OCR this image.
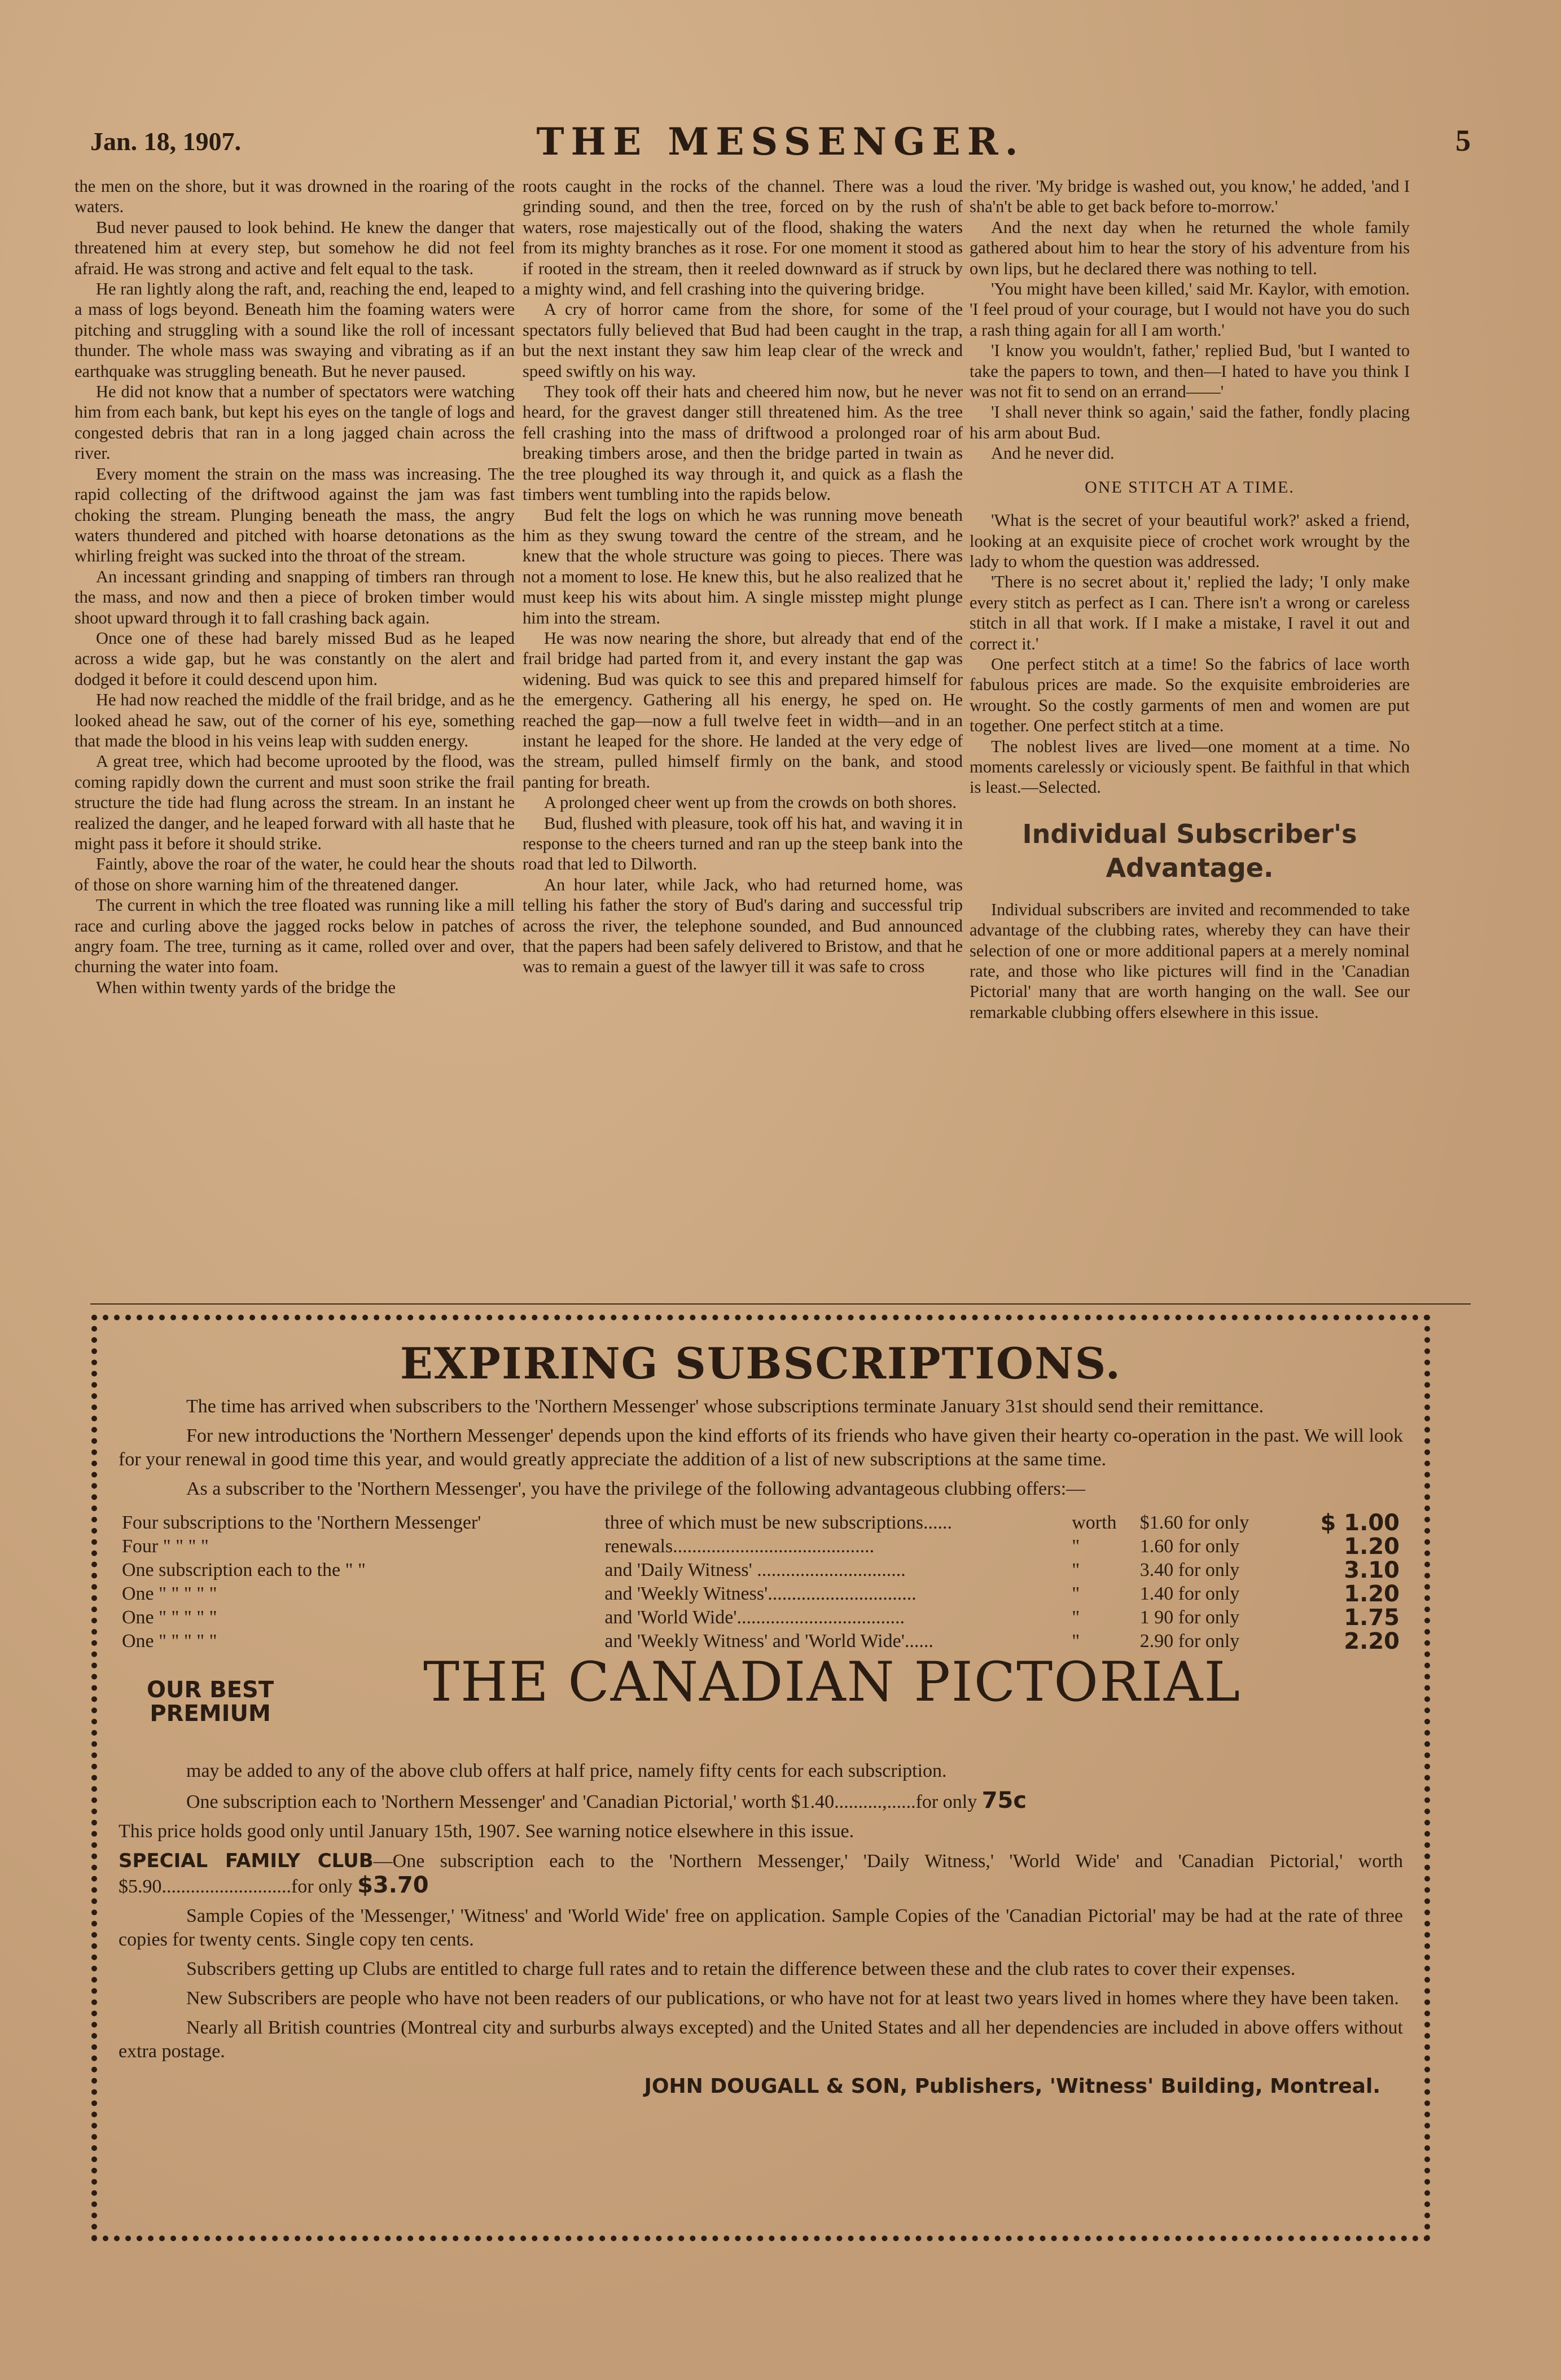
Jan. 18, 1907.	THE MESSENGER.	5

the men on the shore, but it was drowned in the roaring of the waters.

Bud never paused to look behind. He knew the danger that threatened him at every step, but somehow he did not feel afraid. He was strong and active and felt equal to the task.

He ran lightly along the raft, and, reaching the end, leaped to a mass of logs beyond. Beneath him the foaming waters were pitching and struggling with a sound like the roll of incessant thunder. The whole mass was swaying and vibrating as if an earthquake was struggling beneath. But he never paused.

He did not know that a number of spectators were watching him from each bank, but kept his eyes on the tangle of logs and congested debris that ran in a long jagged chain across the river.

Every moment the strain on the mass was increasing. The rapid collecting of the driftwood against the jam was fast choking the stream. Plunging beneath the mass, the angry waters thundered and pitched with hoarse detonations as the whirling freight was sucked into the throat of the stream.

An incessant grinding and snapping of timbers ran through the mass, and now and then a piece of broken timber would shoot upward through it to fall crashing back again.

Once one of these had barely missed Bud as he leaped across a wide gap, but he was constantly on the alert and dodged it before it could descend upon him.

He had now reached the middle of the frail bridge, and as he looked ahead he saw, out of the corner of his eye, something that made the blood in his veins leap with sudden energy.

A great tree, which had become uprooted by the flood, was coming rapidly down the current and must soon strike the frail structure the tide had flung across the stream. In an instant he realized the danger, and he leaped forward with all haste that he might pass it before it should strike.

Faintly, above the roar of the water, he could hear the shouts of those on shore warning him of the threatened danger.

The current in which the tree floated was running like a mill race and curling above the jagged rocks below in patches of angry foam. The tree, turning as it came, rolled over and over, churning the water into foam.

When within twenty yards of the bridge the

roots caught in the rocks of the channel. There was a loud grinding sound, and then the tree, forced on by the rush of waters, rose majestically out of the flood, shaking the waters from its mighty branches as it rose. For one moment it stood as if rooted in the stream, then it reeled downward as if struck by a mighty wind, and fell crashing into the quivering bridge.

A cry of horror came from the shore, for some of the spectators fully believed that Bud had been caught in the trap, but the next instant they saw him leap clear of the wreck and speed swiftly on his way.

They took off their hats and cheered him now, but he never heard, for the gravest danger still threatened him. As the tree fell crashing into the mass of driftwood a prolonged roar of breaking timbers arose, and then the bridge parted in twain as the tree ploughed its way through it, and quick as a flash the timbers went tumbling into the rapids below.

Bud felt the logs on which he was running move beneath him as they swung toward the centre of the stream, and he knew that the whole structure was going to pieces. There was not a moment to lose. He knew this, but he also realized that he must keep his wits about him. A single misstep might plunge him into the stream.

He was now nearing the shore, but already that end of the frail bridge had parted from it, and every instant the gap was widening. Bud was quick to see this and prepared himself for the emergency. Gathering all his energy, he sped on. He reached the gap—now a full twelve feet in width—and in an instant he leaped for the shore. He landed at the very edge of the stream, pulled himself firmly on the bank, and stood panting for breath.

A prolonged cheer went up from the crowds on both shores.

Bud, flushed with pleasure, took off his hat, and waving it in response to the cheers turned and ran up the steep bank into the road that led to Dilworth.

An hour later, while Jack, who had returned home, was telling his father the story of Bud's daring and successful trip across the river, the telephone sounded, and Bud announced that the papers had been safely delivered to Bristow, and that he was to remain a guest of the lawyer till it was safe to cross

the river. 'My bridge is washed out, you know,' he added, 'and I sha'n't be able to get back before to-morrow.'

And the next day when he returned the whole family gathered about him to hear the story of his adventure from his own lips, but he declared there was nothing to tell.

'You might have been killed,' said Mr. Kaylor, with emotion. 'I feel proud of your courage, but I would not have you do such a rash thing again for all I am worth.'

'I know you wouldn't, father,' replied Bud, 'but I wanted to take the papers to town, and then—I hated to have you think I was not fit to send on an errand——'

'I shall never think so again,' said the father, fondly placing his arm about Bud.

And he never did.

ONE STITCH AT A TIME.

'What is the secret of your beautiful work?' asked a friend, looking at an exquisite piece of crochet work wrought by the lady to whom the question was addressed.

'There is no secret about it,' replied the lady; 'I only make every stitch as perfect as I can. There isn't a wrong or careless stitch in all that work. If I make a mistake, I ravel it out and correct it.'

One perfect stitch at a time! So the fabrics of lace worth fabulous prices are made. So the exquisite embroideries are wrought. So the costly garments of men and women are put together. One perfect stitch at a time.

The noblest lives are lived—one moment at a time. No moments carelessly or viciously spent. Be faithful in that which is least.—Selected.

Individual Subscriber's Advantage.

Individual subscribers are invited and recommended to take advantage of the clubbing rates, whereby they can have their selection of one or more additional papers at a merely nominal rate, and those who like pictures will find in the 'Canadian Pictorial' many that are worth hanging on the wall. See our remarkable clubbing offers elsewhere in this issue.

EXPIRING SUBSCRIPTIONS.

The time has arrived when subscribers to the 'Northern Messenger' whose subscriptions terminate January 31st should send their remittance.

For new introductions the 'Northern Messenger' depends upon the kind efforts of its friends who have given their hearty co-operation in the past. We will look for your renewal in good time this year, and would greatly appreciate the addition of a list of new subscriptions at the same time.

As a subscriber to the 'Northern Messenger', you have the privilege of the following advantageous clubbing offers:—

Four subscriptions to the 'Northern Messenger'	three of which must be new subscriptions......	worth	$1.60 for only	$ 1.00
Four " " " "	renewals..........................................	"	1.60 for only	1.20
One subscription each to the " "	and 'Daily Witness' ...............................	"	3.40 for only	3.10
One " " " " "	and 'Weekly Witness'...............................	"	1.40 for only	1.20
One " " " " "	and 'World Wide'...................................	"	1 90 for only	1.75
One " " " " "	and 'Weekly Witness' and 'World Wide'......	"	2.90 for only	2.20
OUR BEST
PREMIUM	THE CANADIAN PICTORIAL

may be added to any of the above club offers at half price, namely fifty cents for each subscription.

One subscription each to 'Northern Messenger' and 'Canadian Pictorial,' worth $1.40..........,......for only 75c

This price holds good only until January 15th, 1907. See warning notice elsewhere in this issue.

SPECIAL FAMILY CLUB—One subscription each to the 'Northern Messenger,' 'Daily Witness,' 'World Wide' and 'Canadian Pictorial,' worth $5.90...........................for only $3.70

Sample Copies of the 'Messenger,' 'Witness' and 'World Wide' free on application. Sample Copies of the 'Canadian Pictorial' may be had at the rate of three copies for twenty cents. Single copy ten cents.

Subscribers getting up Clubs are entitled to charge full rates and to retain the difference between these and the club rates to cover their expenses.

New Subscribers are people who have not been readers of our publications, or who have not for at least two years lived in homes where they have been taken.

Nearly all British countries (Montreal city and surburbs always excepted) and the United States and all her dependencies are included in above offers without extra postage.

JOHN DOUGALL & SON, Publishers, 'Witness' Building, Montreal.
